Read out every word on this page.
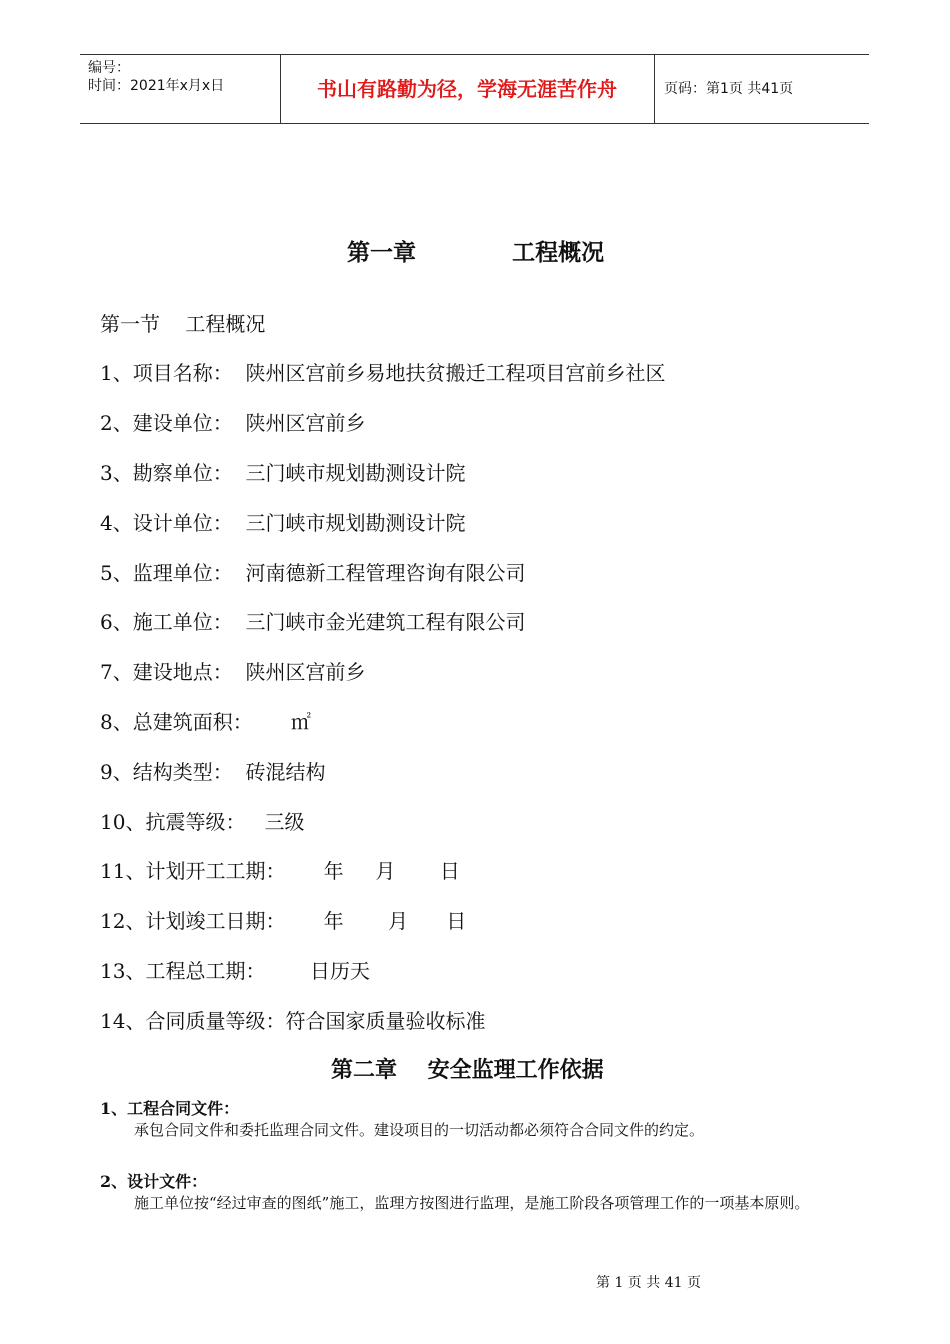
编号：
时间：2021年x月x日	书山有路勤为径，学海无涯苦作舟	页码：第1页 共41页
第一章            工程概况
第一节    工程概况
1、项目名称：  陕州区宫前乡易地扶贫搬迁工程项目宫前乡社区
2、建设单位：  陕州区宫前乡
3、勘察单位：  三门峡市规划勘测设计院
4、设计单位：  三门峡市规划勘测设计院
5、监理单位：  河南德新工程管理咨询有限公司
6、施工单位：  三门峡市金光建筑工程有限公司
7、建设地点：  陕州区宫前乡
8、总建筑面积：      ㎡
9、结构类型：  砖混结构
10、抗震等级：   三级
11、计划开工工期：      年     月       日
12、计划竣工日期：      年       月      日
13、工程总工期：       日历天
14、合同质量等级：符合国家质量验收标准
第二章    安全监理工作依据
1、工程合同文件：
承包合同文件和委托监理合同文件。建设项目的一切活动都必须符合合同文件的约定。
2、设计文件：
施工单位按“经过审查的图纸”施工，监理方按图进行监理，是施工阶段各项管理工作的一项基本原则。
第 1 页 共 41 页
